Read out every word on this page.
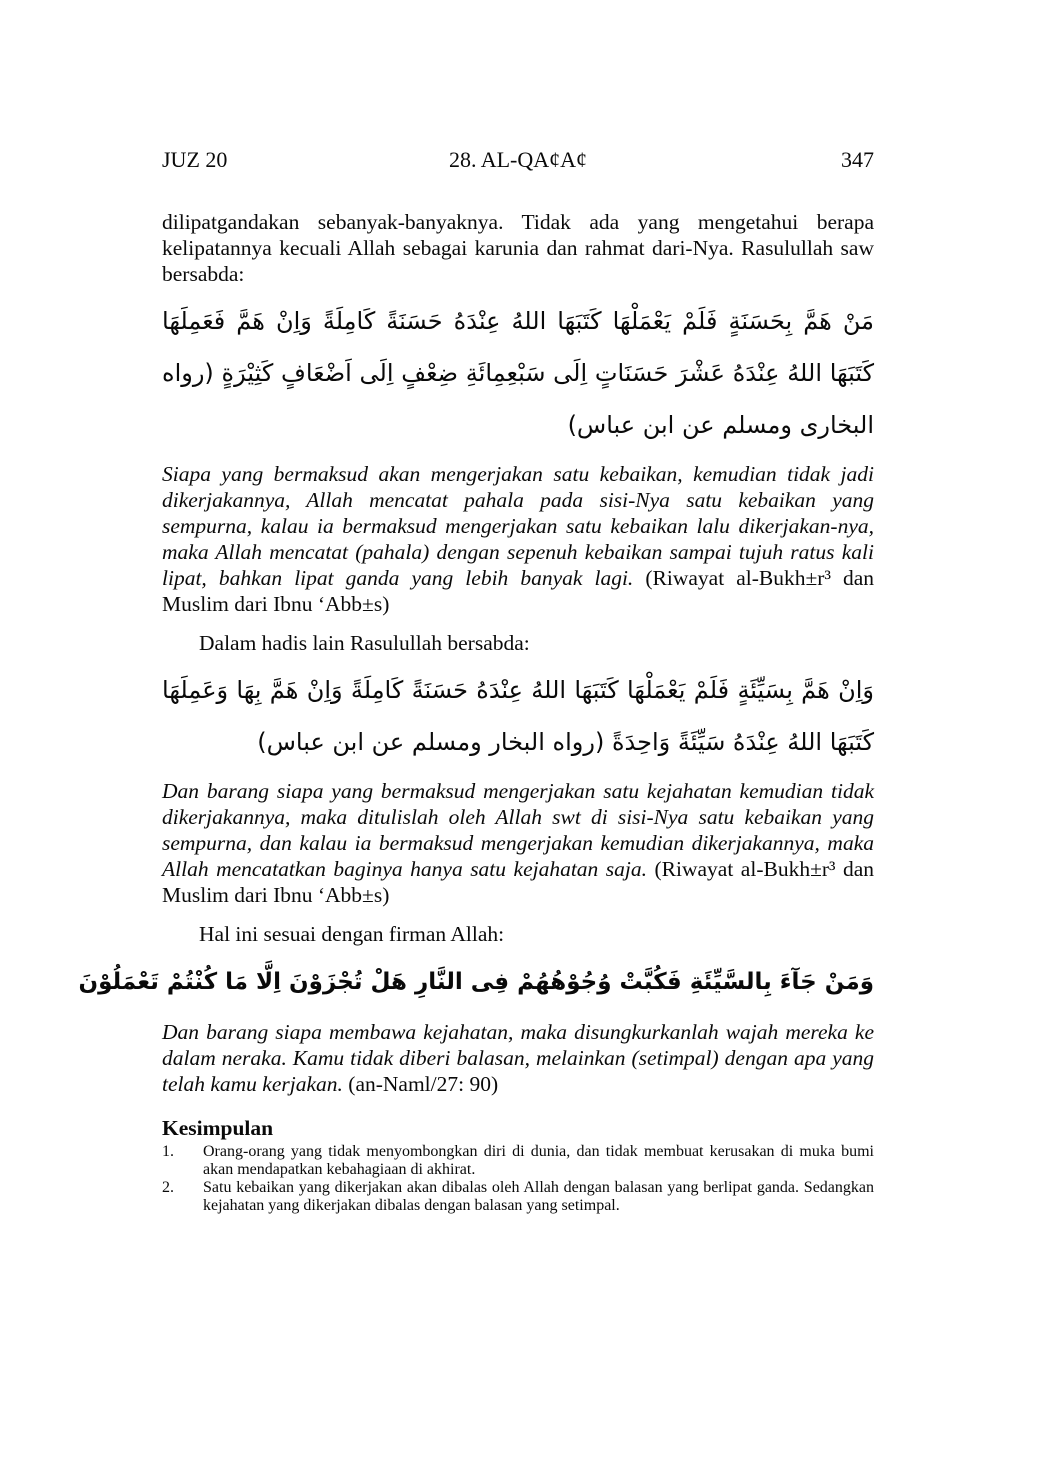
JUZ 20	28. AL-QA¢A¢	347

dilipatgandakan sebanyak-banyaknya. Tidak ada yang mengetahui berapa kelipatannya kecuali Allah sebagai karunia dan rahmat dari-Nya. Rasulullah saw bersabda:

مَنْ هَمَّ بِحَسَنَةٍ فَلَمْ يَعْمَلْهَا كَتَبَهَا اللهُ عِنْدَهُ حَسَنَةً كَامِلَةً وَاِنْ هَمَّ فَعَمِلَهَا كَتَبَهَا اللهُ عِنْدَهُ عَشْرَ حَسَنَاتٍ اِلَى سَبْعِمِائَةِ ضِعْفٍ اِلَى اَضْعَافٍ كَثِيْرَةٍ (رواه البخارى ومسلم عن ابن عباس)

Siapa yang bermaksud akan mengerjakan satu kebaikan, kemudian tidak jadi dikerjakannya, Allah mencatat pahala pada sisi-Nya satu kebaikan yang sempurna, kalau ia bermaksud mengerjakan satu kebaikan lalu dikerjakan-nya, maka Allah mencatat (pahala) dengan sepenuh kebaikan sampai tujuh ratus kali lipat, bahkan lipat ganda yang lebih banyak lagi. (Riwayat al-Bukh±r³ dan Muslim dari Ibnu ‘Abb±s)

Dalam hadis lain Rasulullah bersabda:

وَاِنْ هَمَّ بِسَيِّئَةٍ فَلَمْ يَعْمَلْهَا كَتَبَهَا اللهُ عِنْدَهُ حَسَنَةً كَامِلَةً وَاِنْ هَمَّ بِهَا وَعَمِلَهَا كَتَبَهَا اللهُ عِنْدَهُ سَيِّئَةً وَاحِدَةً (رواه البخار ومسلم عن ابن عباس)

Dan barang siapa yang bermaksud mengerjakan satu kejahatan kemudian tidak dikerjakannya, maka ditulislah oleh Allah swt di sisi-Nya satu kebaikan yang sempurna, dan kalau ia bermaksud mengerjakan kemudian dikerjakannya, maka Allah mencatatkan baginya hanya satu kejahatan saja. (Riwayat al-Bukh±r³ dan Muslim dari Ibnu ‘Abb±s)

Hal ini sesuai dengan firman Allah:

وَمَنْ جَآءَ بِالسَّيِّئَةِ فَكُبَّتْ وُجُوْهُهُمْ فِى النَّارِ هَلْ تُجْزَوْنَ اِلَّا مَا كُنْتُمْ تَعْمَلُوْنَ

Dan barang siapa membawa kejahatan, maka disungkurkanlah wajah mereka ke dalam neraka. Kamu tidak diberi balasan, melainkan (setimpal) dengan apa yang telah kamu kerjakan. (an-Naml/27: 90)

Kesimpulan
1.	Orang-orang yang tidak menyombongkan diri di dunia, dan tidak membuat kerusakan di muka bumi akan mendapatkan kebahagiaan di akhirat.
2.	Satu kebaikan yang dikerjakan akan dibalas oleh Allah dengan balasan yang berlipat ganda. Sedangkan kejahatan yang dikerjakan dibalas dengan balasan yang setimpal.
